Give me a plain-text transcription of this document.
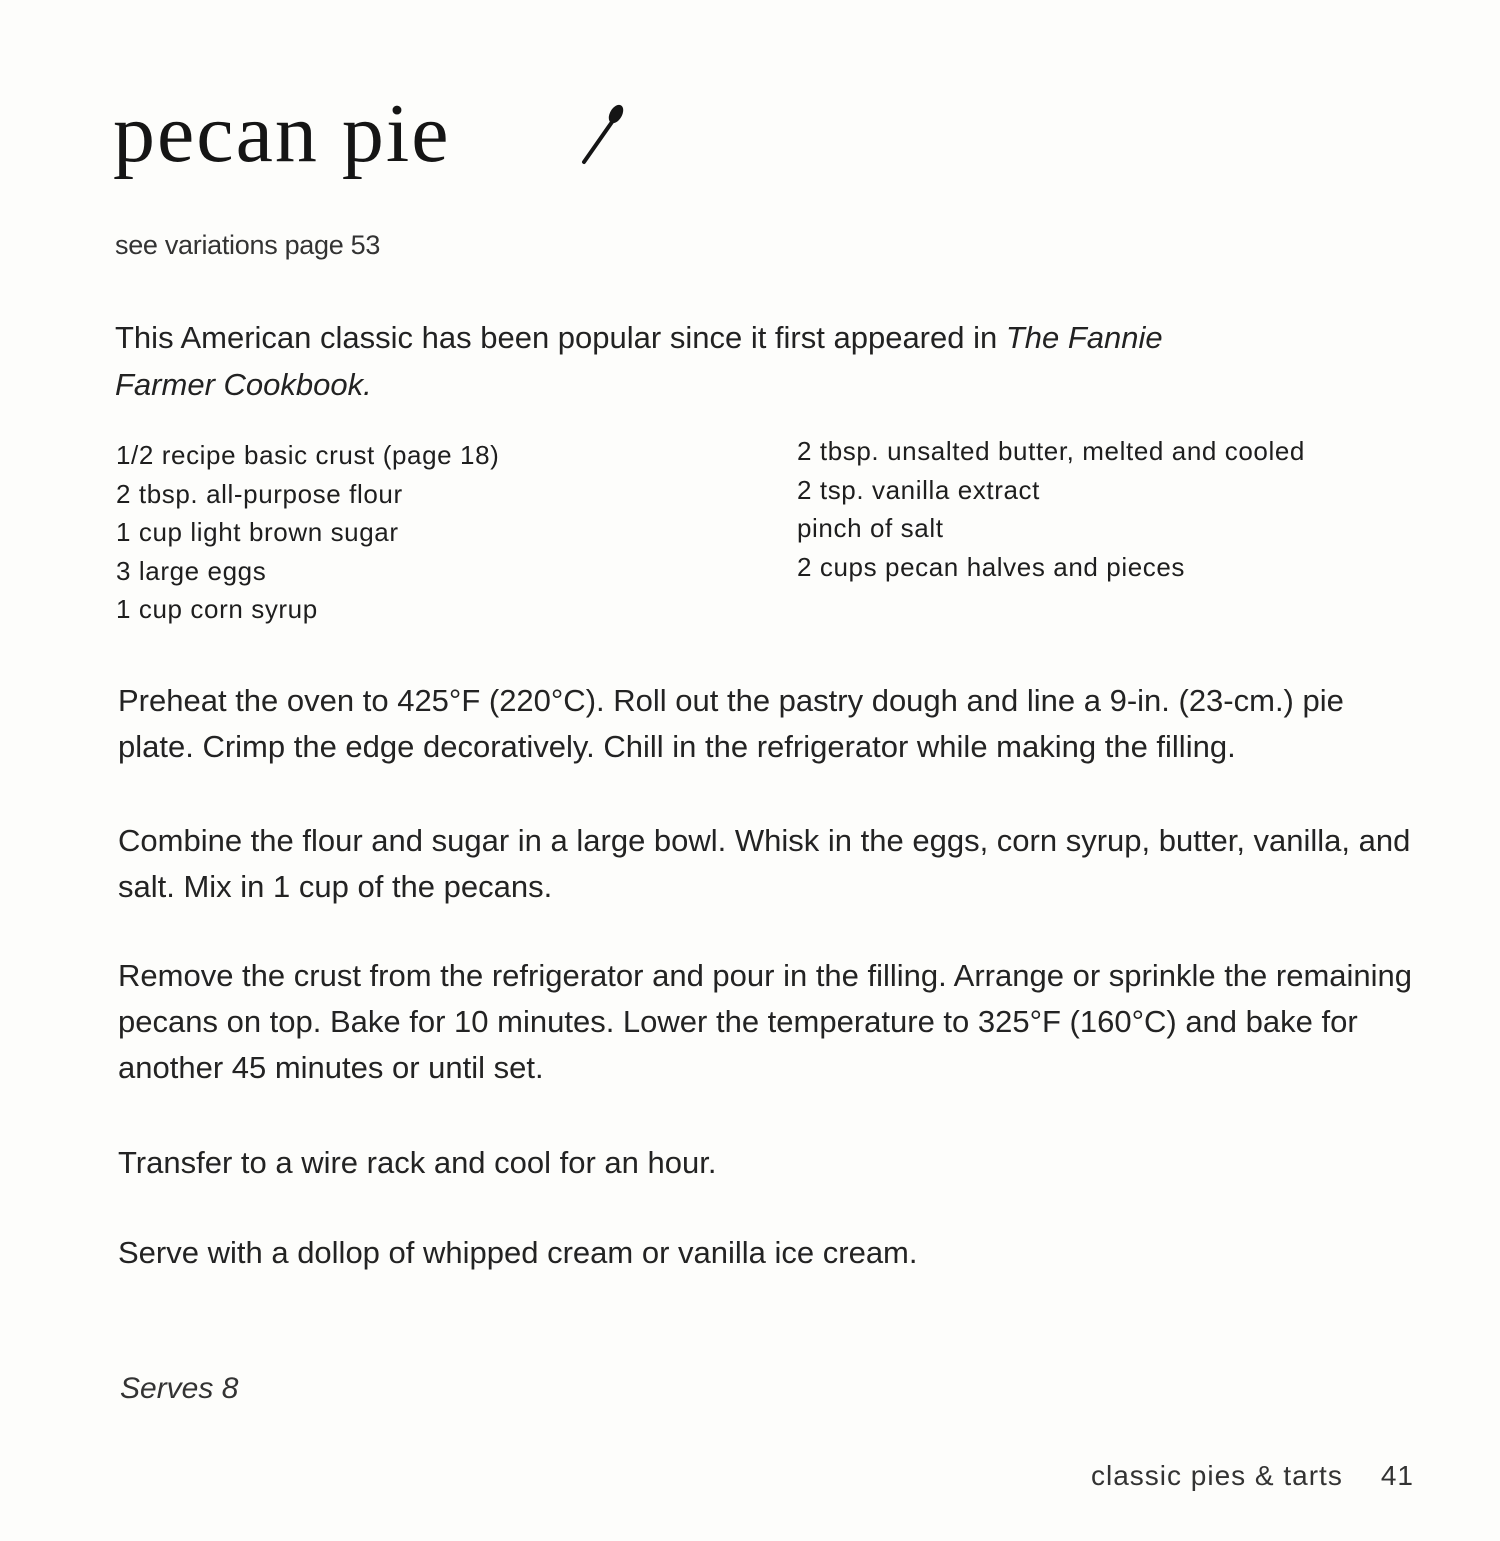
pecan pie
see variations page 53
This American classic has been popular since it first appeared in The Fannie Farmer Cookbook.
1/2 recipe basic crust (page 18)
2 tbsp. all-purpose flour
1 cup light brown sugar
3 large eggs
1 cup corn syrup
2 tbsp. unsalted butter, melted and cooled
2 tsp. vanilla extract
pinch of salt
2 cups pecan halves and pieces

Preheat the oven to 425°F (220°C). Roll out the pastry dough and line a 9-in. (23-cm.) pie plate. Crimp the edge decoratively. Chill in the refrigerator while making the filling.

Combine the flour and sugar in a large bowl. Whisk in the eggs, corn syrup, butter, vanilla, and salt. Mix in 1 cup of the pecans.

Remove the crust from the refrigerator and pour in the filling. Arrange or sprinkle the remaining pecans on top. Bake for 10 minutes. Lower the temperature to 325°F (160°C) and bake for another 45 minutes or until set.

Transfer to a wire rack and cool for an hour.

Serve with a dollop of whipped cream or vanilla ice cream.

Serves 8
classic pies & tarts 41
